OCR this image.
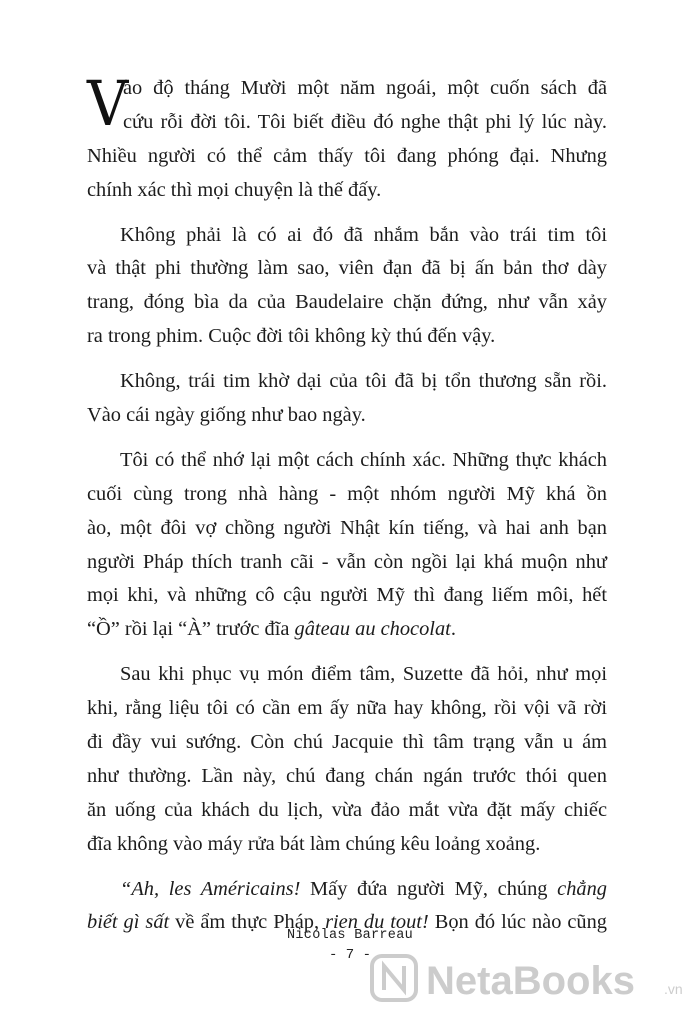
V
ào độ tháng Mười một năm ngoái, một cuốn sách đã
cứu rỗi đời tôi. Tôi biết điều đó nghe thật phi lý lúc này.
Nhiều người có thể cảm thấy tôi đang phóng đại. Nhưng
chính xác thì mọi chuyện là thế đấy.
Không phải là có ai đó đã nhắm bắn vào trái tim tôi
và thật phi thường làm sao, viên đạn đã bị ấn bản thơ dày
trang, đóng bìa da của Baudelaire chặn đứng, như vẫn xảy
ra trong phim. Cuộc đời tôi không kỳ thú đến vậy.
Không, trái tim khờ dại của tôi đã bị tổn thương sẵn rồi.
Vào cái ngày giống như bao ngày.
Tôi có thể nhớ lại một cách chính xác. Những thực khách
cuối cùng trong nhà hàng - một nhóm người Mỹ khá ồn
ào, một đôi vợ chồng người Nhật kín tiếng, và hai anh bạn
người Pháp thích tranh cãi - vẫn còn ngồi lại khá muộn như
mọi khi, và những cô cậu người Mỹ thì đang liếm môi, hết
“Ồ” rồi lại “À” trước đĩa gâteau au chocolat.
Sau khi phục vụ món điểm tâm, Suzette đã hỏi, như mọi
khi, rằng liệu tôi có cần em ấy nữa hay không, rồi vội vã rời
đi đầy vui sướng. Còn chú Jacquie thì tâm trạng vẫn u ám
như thường. Lần này, chú đang chán ngán trước thói quen
ăn uống của khách du lịch, vừa đảo mắt vừa đặt mấy chiếc
đĩa không vào máy rửa bát làm chúng kêu loảng xoảng.
“Ah, les Américains! Mấy đứa người Mỹ, chúng chẳng
biết gì sất về ẩm thực Pháp, rien du tout! Bọn đó lúc nào cũng
Nicolas Barreau
- 7 -
NetaBooks .vn
